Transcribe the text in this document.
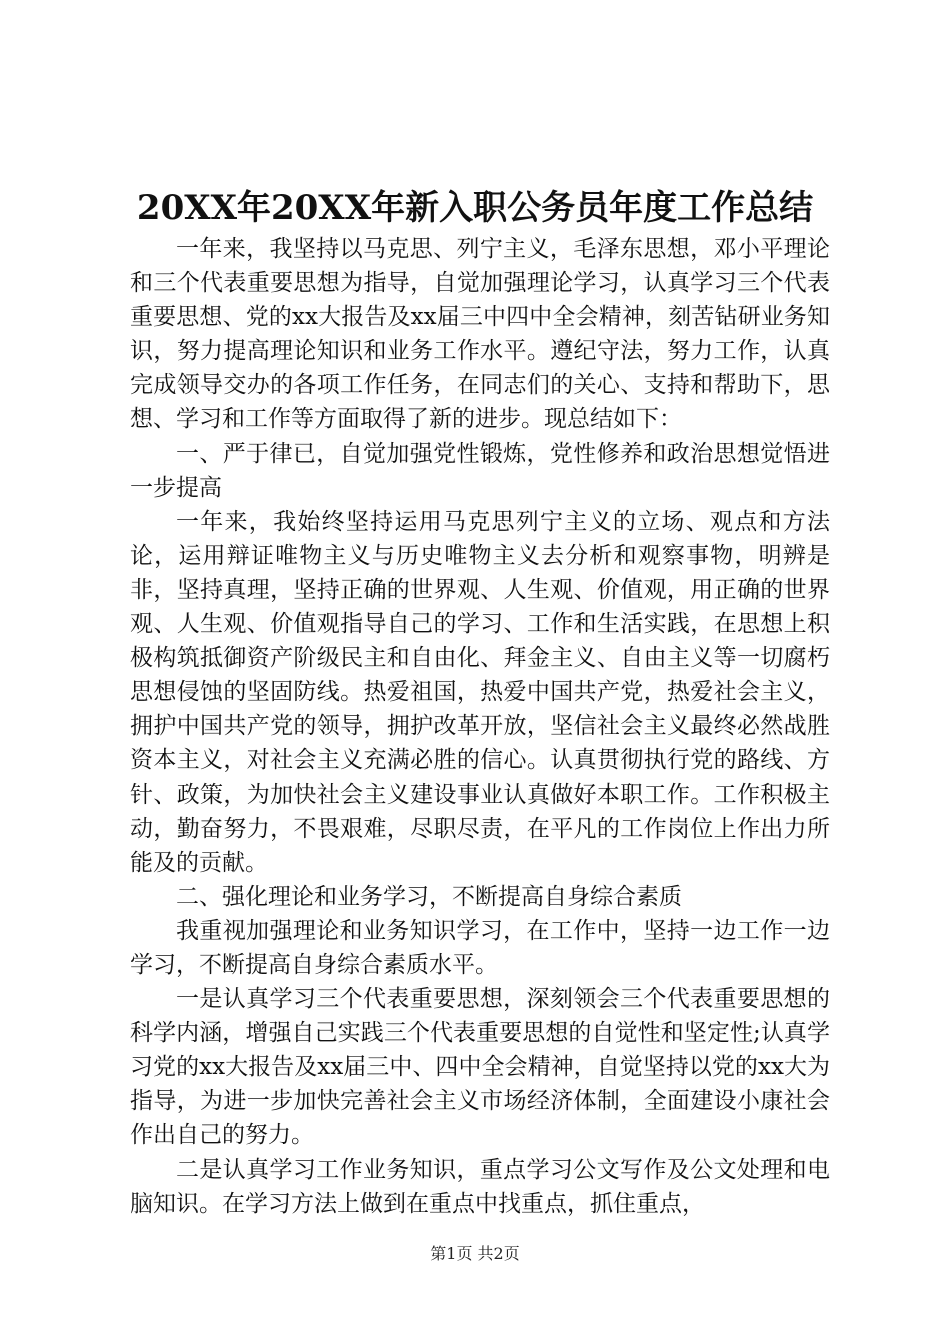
20XX年20XX年新入职公务员年度工作总结

一年来，我坚持以马克思、列宁主义，毛泽东思想，邓小平理论和三个代表重要思想为指导，自觉加强理论学习，认真学习三个代表重要思想、党的xx大报告及xx届三中四中全会精神，刻苦钻研业务知识，努力提高理论知识和业务工作水平。遵纪守法，努力工作，认真完成领导交办的各项工作任务，在同志们的关心、支持和帮助下，思想、学习和工作等方面取得了新的进步。现总结如下：

一、严于律已，自觉加强党性锻炼，党性修养和政治思想觉悟进一步提高

一年来，我始终坚持运用马克思列宁主义的立场、观点和方法论，运用辩证唯物主义与历史唯物主义去分析和观察事物，明辨是非，坚持真理，坚持正确的世界观、人生观、价值观，用正确的世界观、人生观、价值观指导自己的学习、工作和生活实践，在思想上积极构筑抵御资产阶级民主和自由化、拜金主义、自由主义等一切腐朽思想侵蚀的坚固防线。热爱祖国，热爱中国共产党，热爱社会主义，拥护中国共产党的领导，拥护改革开放，坚信社会主义最终必然战胜资本主义，对社会主义充满必胜的信心。认真贯彻执行党的路线、方针、政策，为加快社会主义建设事业认真做好本职工作。工作积极主动，勤奋努力，不畏艰难，尽职尽责，在平凡的工作岗位上作出力所能及的贡献。

二、强化理论和业务学习，不断提高自身综合素质

我重视加强理论和业务知识学习，在工作中，坚持一边工作一边学习，不断提高自身综合素质水平。

一是认真学习三个代表重要思想，深刻领会三个代表重要思想的科学内涵，增强自己实践三个代表重要思想的自觉性和坚定性;认真学习党的xx大报告及xx届三中、四中全会精神，自觉坚持以党的xx大为指导，为进一步加快完善社会主义市场经济体制，全面建设小康社会作出自己的努力。

二是认真学习工作业务知识，重点学习公文写作及公文处理和电脑知识。在学习方法上做到在重点中找重点，抓住重点，

第1页 共2页
